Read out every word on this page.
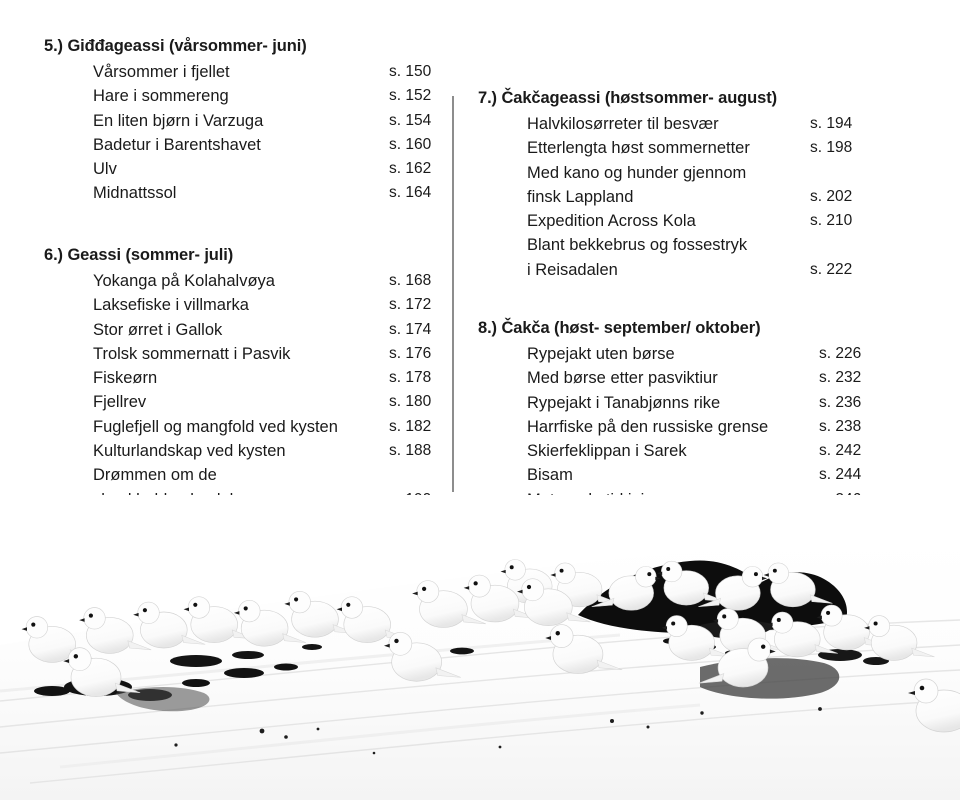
5.) Giđđageassi (vårsommer- juni)
Vårsommer i fjellet	s. 150
Hare i sommereng	s. 152
En liten bjørn i Varzuga	s. 154
Badetur i Barentshavet	s. 160
Ulv	s. 162
Midnattssol	s. 164
6.) Geassi (sommer- juli)
Yokanga på Kolahalvøya	s. 168
Laksefiske i villmarka	s. 172
Stor ørret i Gallok	s. 174
Trolsk sommernatt i Pasvik	s. 176
Fiskeørn	s. 178
Fjellrev	s. 180
Fuglefjell og mangfold ved kysten	s. 182
Kulturlandskap ved kysten	s. 188
Drømmen om de
7.) Čakčageassi (høstsommer- august)
Halvkilosørreter til besvær	s. 194
Etterlengta høst sommernetter	s. 198
Med kano og hunder gjennom
finsk Lappland	s. 202
Expedition Across Kola	s. 210
Blant bekkebrus og fossestryk
i Reisadalen	s. 222
8.) Čakča (høst- september/ oktober)
Rypejakt uten børse	s. 226
Med børse etter pasviktiur	s. 232
Rypejakt i Tanabjønns rike	s. 236
Harrfiske på den russiske grense	s. 238
Skierfeklippan i Sarek	s. 242
Bisam	s. 244
